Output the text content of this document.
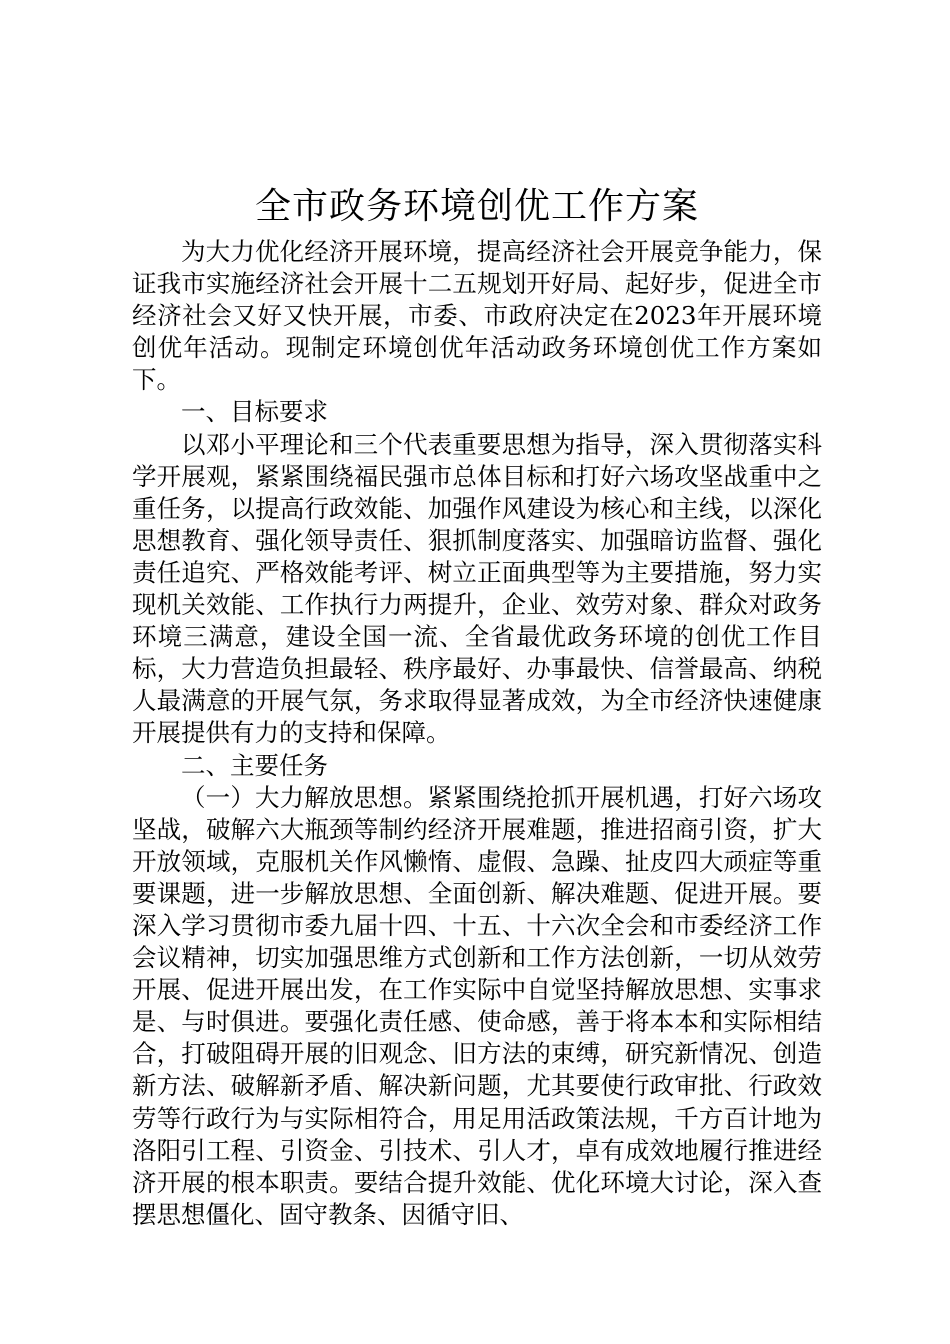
全市政务环境创优工作方案

为大力优化经济开展环境，提高经济社会开展竞争能力，保证我市实施经济社会开展十二五规划开好局、起好步，促进全市经济社会又好又快开展，市委、市政府决定在2023年开展环境创优年活动。现制定环境创优年活动政务环境创优工作方案如下。

一、目标要求

以邓小平理论和三个代表重要思想为指导，深入贯彻落实科学开展观，紧紧围绕福民强市总体目标和打好六场攻坚战重中之重任务，以提高行政效能、加强作风建设为核心和主线，以深化思想教育、强化领导责任、狠抓制度落实、加强暗访监督、强化责任追究、严格效能考评、树立正面典型等为主要措施，努力实现机关效能、工作执行力两提升，企业、效劳对象、群众对政务环境三满意，建设全国一流、全省最优政务环境的创优工作目标，大力营造负担最轻、秩序最好、办事最快、信誉最高、纳税人最满意的开展气氛，务求取得显著成效，为全市经济快速健康开展提供有力的支持和保障。

二、主要任务

（一）大力解放思想。紧紧围绕抢抓开展机遇，打好六场攻坚战，破解六大瓶颈等制约经济开展难题，推进招商引资，扩大开放领域，克服机关作风懒惰、虚假、急躁、扯皮四大顽症等重要课题，进一步解放思想、全面创新、解决难题、促进开展。要深入学习贯彻市委九届十四、十五、十六次全会和市委经济工作会议精神，切实加强思维方式创新和工作方法创新，一切从效劳开展、促进开展出发，在工作实际中自觉坚持解放思想、实事求是、与时俱进。要强化责任感、使命感，善于将本本和实际相结合，打破阻碍开展的旧观念、旧方法的束缚，研究新情况、创造新方法、破解新矛盾、解决新问题，尤其要使行政审批、行政效劳等行政行为与实际相符合，用足用活政策法规，千方百计地为洛阳引工程、引资金、引技术、引人才，卓有成效地履行推进经济开展的根本职责。要结合提升效能、优化环境大讨论，深入查摆思想僵化、固守教条、因循守旧、
